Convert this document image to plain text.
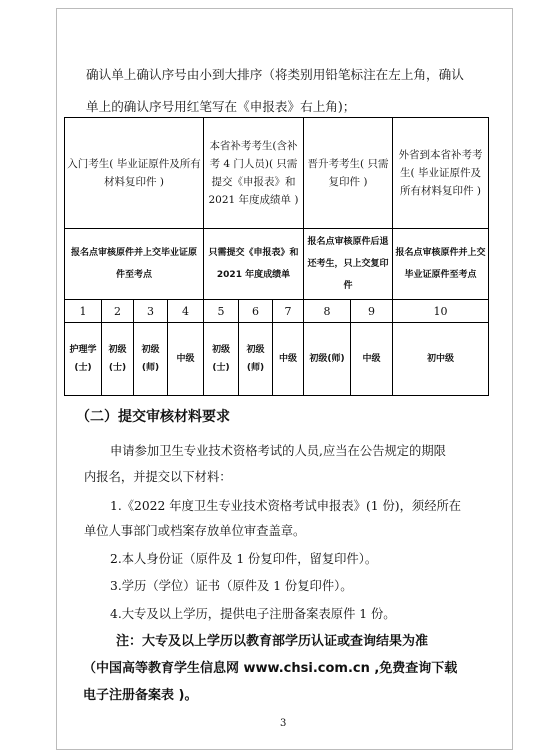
确认单上确认序号由小到大排序（将类别用铅笔标注在左上角，确认
单上的确认序号用红笔写在《申报表》右上角)；
入门考生( 毕业证原件及所有材料复印件 )				本省补考考生(含补考 4 门人员)( 只需提交《申报表》和 2021 年度成绩单 )			晋升考考生( 只需复印件 )		外省到本省补考考生( 毕业证原件及所有材料复印件 )
报名点审核原件并上交毕业证原件至考点				只需提交《申报表》和 2021 年度成绩单			报名点审核原件后退还考生，只上交复印件		报名点审核原件并上交毕业证原件至考点
1	2	3	4	5	6	7	8	9	10
护理学(士)	初级(士)	初级(师)	中级	初级(士)	初级(师)	中级	初级(师)	中级	初中级
（二）提交审核材料要求
申请参加卫生专业技术资格考试的人员,应当在公告规定的期限
内报名，并提交以下材料：
1.《2022 年度卫生专业技术资格考试申报表》(1 份)，须经所在
单位人事部门或档案存放单位审查盖章。
2.本人身份证（原件及 1 份复印件，留复印件）。
3.学历（学位）证书（原件及 1 份复印件）。
4.大专及以上学历，提供电子注册备案表原件 1 份。
注：大专及以上学历以教育部学历认证或查询结果为准
（中国高等教育学生信息网 www.chsi.com.cn ,免费查询下载
电子注册备案表 )。
3
